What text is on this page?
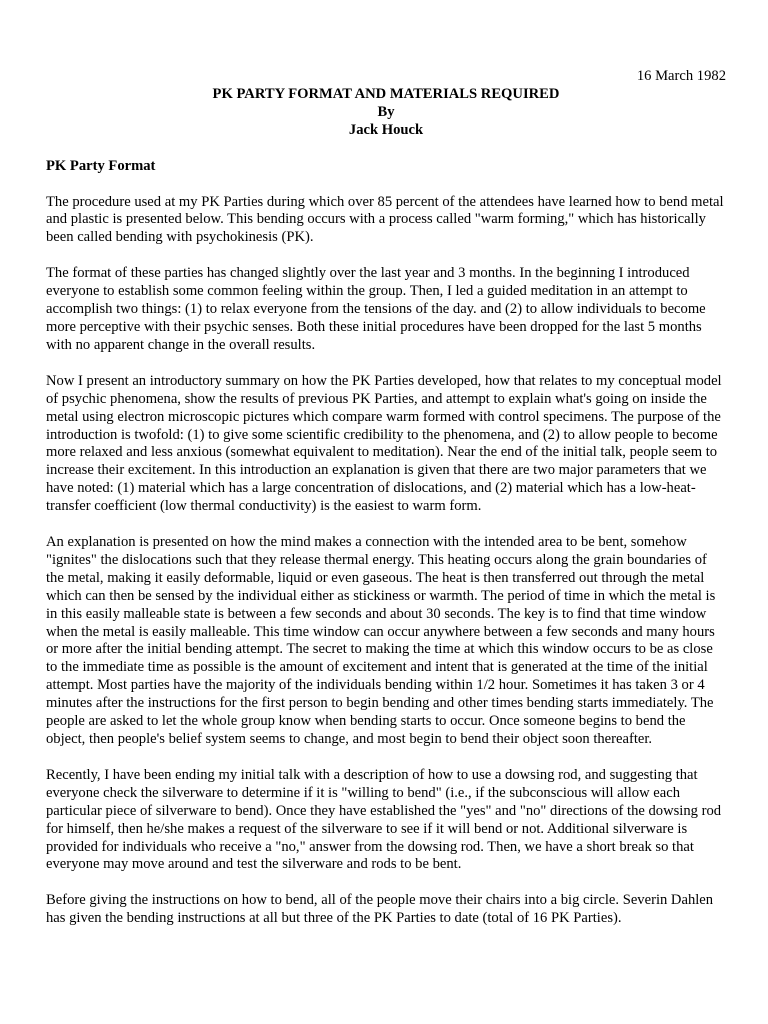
16 March 1982

PK PARTY FORMAT AND MATERIALS REQUIRED
By
Jack Houck

PK Party Format

The procedure used at my PK Parties during which over 85 percent of the attendees have learned how to bend metal and plastic is presented below. This bending occurs with a process called "warm forming," which has historically been called bending with psychokinesis (PK).

The format of these parties has changed slightly over the last year and 3 months. In the beginning I introduced everyone to establish some common feeling within the group. Then, I led a guided meditation in an attempt to accomplish two things: (1) to relax everyone from the tensions of the day. and (2) to allow individuals to become more perceptive with their psychic senses. Both these initial procedures have been dropped for the last 5 months with no apparent change in the overall results.

Now I present an introductory summary on how the PK Parties developed, how that relates to my conceptual model of psychic phenomena, show the results of previous PK Parties, and attempt to explain what's going on inside the metal using electron microscopic pictures which compare warm formed with control specimens. The purpose of the introduction is twofold: (1) to give some scientific credibility to the phenomena, and (2) to allow people to become more relaxed and less anxious (somewhat equivalent to meditation). Near the end of the initial talk, people seem to increase their excitement. In this introduction an explanation is given that there are two major parameters that we have noted: (1) material which has a large concentration of dislocations, and (2) material which has a low-heat-transfer coefficient (low thermal conductivity) is the easiest to warm form.

An explanation is presented on how the mind makes a connection with the intended area to be bent, somehow "ignites" the dislocations such that they release thermal energy. This heating occurs along the grain boundaries of the metal, making it easily deformable, liquid or even gaseous. The heat is then transferred out through the metal which can then be sensed by the individual either as stickiness or warmth. The period of time in which the metal is in this easily malleable state is between a few seconds and about 30 seconds. The key is to find that time window when the metal is easily malleable. This time window can occur anywhere between a few seconds and many hours or more after the initial bending attempt. The secret to making the time at which this window occurs to be as close to the immediate time as possible is the amount of excitement and intent that is generated at the time of the initial attempt. Most parties have the majority of the individuals bending within 1/2 hour. Sometimes it has taken 3 or 4 minutes after the instructions for the first person to begin bending and other times bending starts immediately. The people are asked to let the whole group know when bending starts to occur. Once someone begins to bend the object, then people's belief system seems to change, and most begin to bend their object soon thereafter.

Recently, I have been ending my initial talk with a description of how to use a dowsing rod, and suggesting that everyone check the silverware to determine if it is "willing to bend" (i.e., if the subconscious will allow each particular piece of silverware to bend). Once they have established the "yes" and "no" directions of the dowsing rod for himself, then he/she makes a request of the silverware to see if it will bend or not. Additional silverware is provided for individuals who receive a "no," answer from the dowsing rod. Then, we have a short break so that everyone may move around and test the silverware and rods to be bent.

Before giving the instructions on how to bend, all of the people move their chairs into a big circle. Severin Dahlen has given the bending instructions at all but three of the PK Parties to date (total of 16 PK Parties).
